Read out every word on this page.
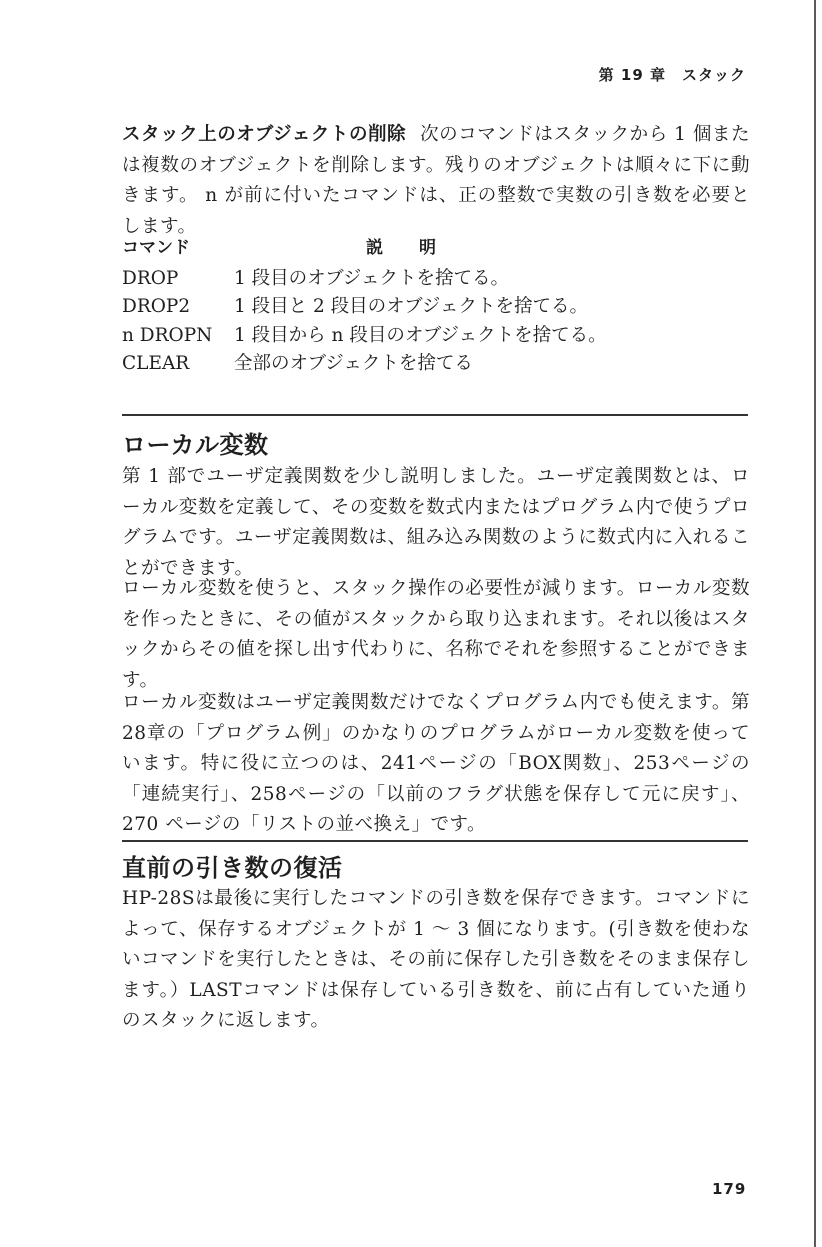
第 19 章　スタック

スタック上のオブジェクトの削除 次のコマンドはスタックから 1 個または複数のオブジェクトを削除します。残りのオブジェクトは順々に下に動きます。 n が前に付いたコマンドは、正の整数で実数の引き数を必要とします。

コマンド	説明
DROP	1 段目のオブジェクトを捨てる。
DROP2	1 段目と 2 段目のオブジェクトを捨てる。
n DROPN	1 段目から n 段目のオブジェクトを捨てる。
CLEAR	全部のオブジェクトを捨てる
ローカル変数

第 1 部でユーザ定義関数を少し説明しました。ユーザ定義関数とは、ローカル変数を定義して、その変数を数式内またはプログラム内で使うプログラムです。ユーザ定義関数は、組み込み関数のように数式内に入れることができます。

ローカル変数を使うと、スタック操作の必要性が減ります。ローカル変数を作ったときに、その値がスタックから取り込まれます。それ以後はスタックからその値を探し出す代わりに、名称でそれを参照することができます。

ローカル変数はユーザ定義関数だけでなくプログラム内でも使えます。第28章の「プログラム例」のかなりのプログラムがローカル変数を使っています。特に役に立つのは、241ページの「BOX関数」、253ページの「連続実行」、258ページの「以前のフラグ状態を保存して元に戻す」、270 ページの「リストの並べ換え」です。

直前の引き数の復活

HP-28Sは最後に実行したコマンドの引き数を保存できます。コマンドによって、保存するオブジェクトが 1 ～ 3 個になります。(引き数を使わないコマンドを実行したときは、その前に保存した引き数をそのまま保存します。）LASTコマンドは保存している引き数を、前に占有していた通りのスタックに返します。

179
